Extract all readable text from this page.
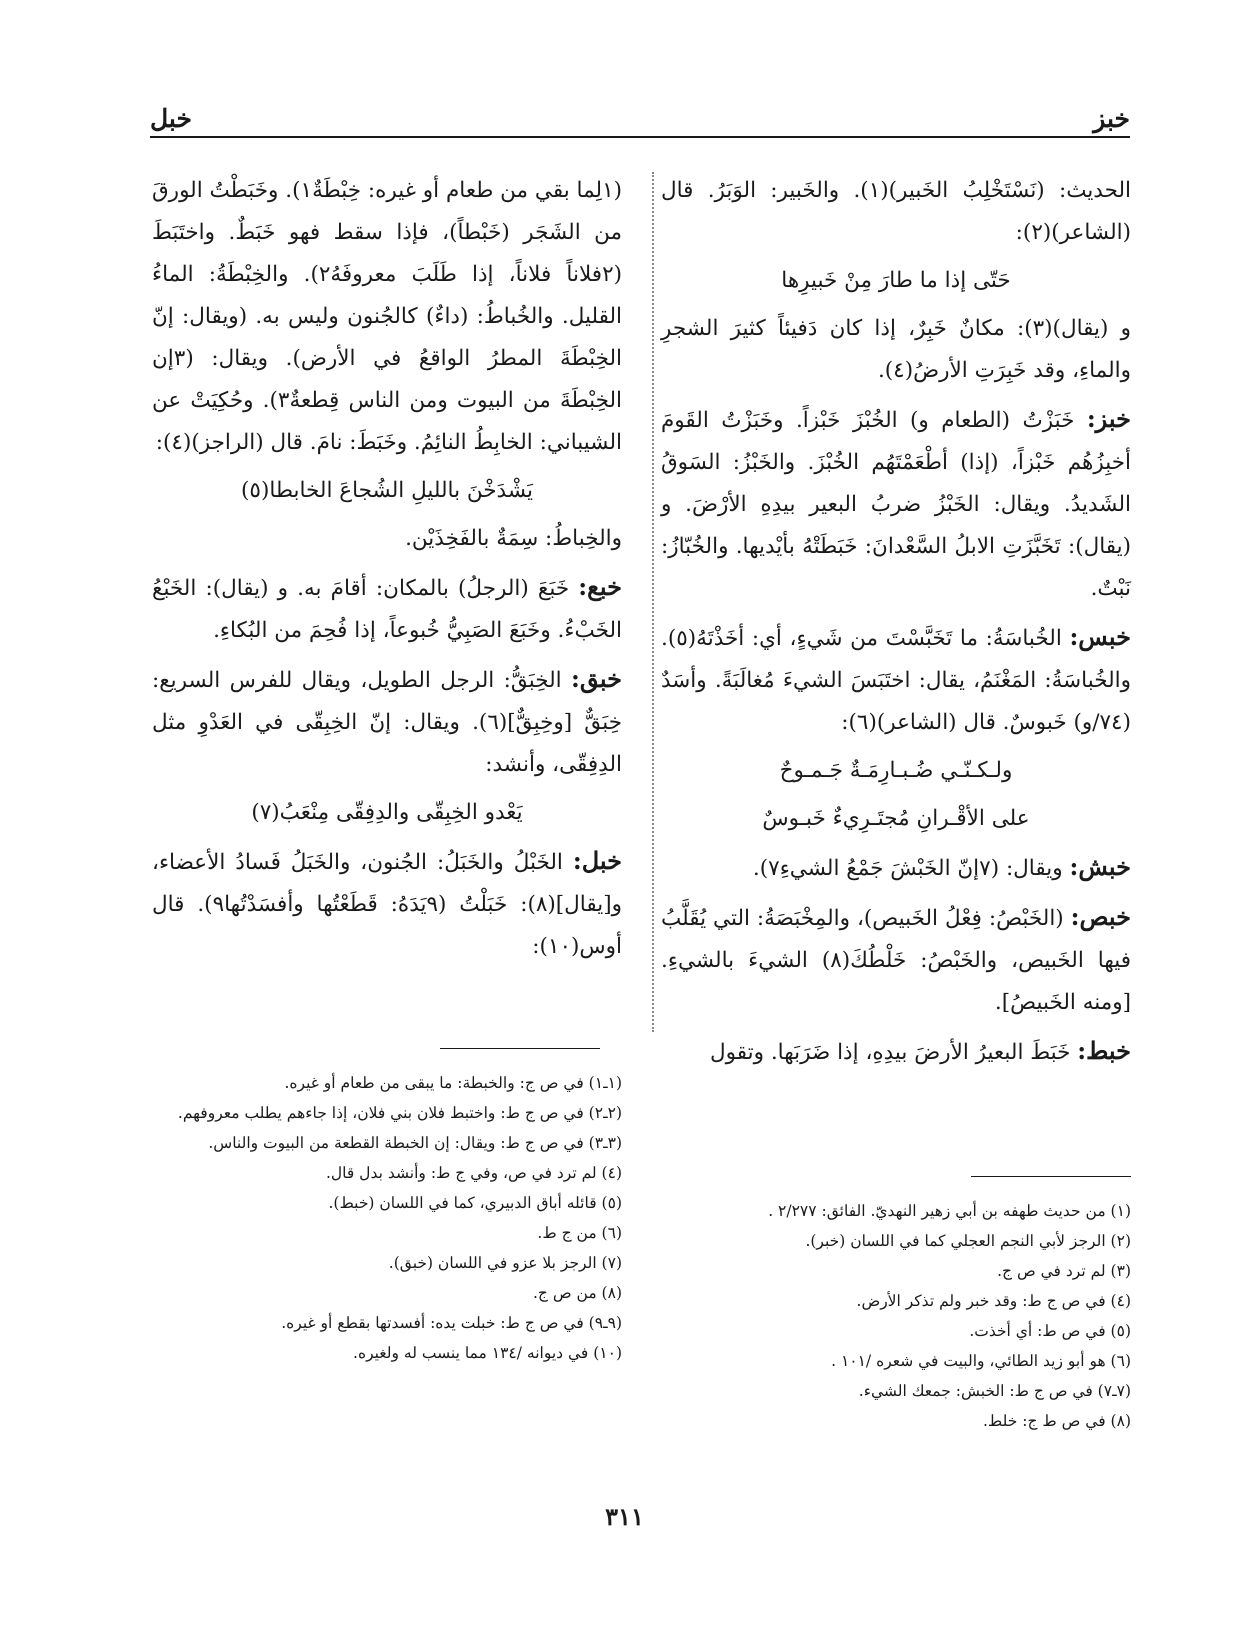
خبز
خبل

الحديث: (نَسْتَخْلِبُ الخَبير)(١). والخَبير: الوَبَرُ. قال (الشاعر)(٢):

حَتّى إذا ما طارَ مِنْ خَبيرِها

و (يقال)(٣): مكانٌ خَبِرٌ، إذا كان دَفيئاً كثيرَ الشجرِ والماءِ، وقد خَبِرَتِ الأرضُ(٤).

خبز: خَبَزْتُ (الطعام و) الخُبْزَ خَبْزاً. وخَبَزْتُ القَومَ أخبِزُهُم خَبْزاً، (إذا) أطْعَمْتَهُم الخُبْزَ. والخَبْزُ: السَوقُ الشَديدُ. ويقال: الخَبْزُ ضربُ البعير بيدِهِ الأرْضَ. و (يقال): تَخَبَّزَتِ الابلُ السَّعْدانَ: خَبَطَتْهُ بأيْديها. والخُبّازُ: نَبْتٌ.

خبس: الخُباسَةُ: ما تَخَبَّسْتَ من شَيءٍ، أي: أخَذْتَهُ(٥). والخُباسَةُ: المَغْنَمُ، يقال: اختَبَسَ الشيءَ مُغالَبَةً. وأسَدٌ (٧٤/و) خَبوسٌ. قال (الشاعر)(٦):

ولـكـنّـي ضُـبـارِمَـةٌ جَـمـوحٌ

على الأقْـرانِ مُجتَـرِيءٌ خَبـوسٌ

خبش: ويقال: (٧إنّ الخَبْشَ جَمْعُ الشيءِ٧).

خبص: (الخَبْصُ: فِعْلُ الخَبيص)، والمِخْبَصَةُ: التي يُقَلَّبُ فيها الخَبيص، والخَبْصُ: خَلْطُكَ(٨) الشيءَ بالشيءِ. [ومنه الخَبيصُ].

خبط: خَبَطَ البعيرُ الأرضَ بيدِهِ، إذا ضَرَبَها. وتقول

(١لِما بقي من طعام أو غيره: خِبْطَةٌ١). وخَبَطْتُ الورقَ من الشَجَر (خَبْطاً)، فإذا سقط فهو خَبَطٌ. واختَبَطَ (٢فلاناً فلاناً، إذا طَلَبَ معروفَهُ٢). والخِبْطَةُ: الماءُ القليل. والخُباطُ: (داءٌ) كالجُنون وليس به. (ويقال: إنّ الخِبْطَةَ المطرُ الواقعُ في الأرض). ويقال: (٣إن الخِبْطَةَ من البيوت ومن الناس قِطعةٌ٣). وحُكِيَتْ عن الشيباني: الخابِطُ النائِمُ. وخَبَطَ: نامَ. قال (الراجز)(٤):

يَشْدَخْنَ بالليلِ الشُجاعَ الخابطا(٥)

والخِباطُ: سِمَةٌ بالفَخِذَيْن.

خبع: خَبَعَ (الرجلُ) بالمكان: أقامَ به. و (يقال): الخَبْعُ الخَبْءُ. وخَبَعَ الصَبِيُّ خُبوعاً، إذا فُحِمَ من البُكاءِ.

خبق: الخِبَقُّ: الرجل الطويل، ويقال للفرس السريع: خِبَقٌّ [وخِبِقٌّ](٦). ويقال: إنّ الخِبِقّى في العَدْوِ مثل الدِفِقّى، وأنشد:

يَعْدو الخِبِقّى والدِفِقّى مِنْعَبُ(٧)

خبل: الخَبْلُ والخَبَلُ: الجُنون، والخَبَلُ فَسادُ الأعضاء، و[يقال](٨): خَبَلْتُ (٩يَدَهُ: قَطَعْتُها وأفسَدْتُها٩). قال أوس(١٠):

(١ـ١) في ص ج: والخبطة: ما يبقى من طعام أو غيره.

(٢ـ٢) في ص ج ط: واختبط فلان بني فلان، إذا جاءهم يطلب معروفهم.

(٣ـ٣) في ص ج ط: ويقال: إن الخبطة القطعة من البيوت والناس.

(٤) لم ترد في ص، وفي ج ط: وأنشد بدل قال.

(٥) قائله أباق الدبيري، كما في اللسان (خبط).

(٦) من ج ط.

(٧) الرجز بلا عزو في اللسان (خبق).

(٨) من ص ج.

(٩ـ٩) في ص ج ط: خبلت يده: أفسدتها بقطع أو غيره.

(١٠) في ديوانه /١٣٤ مما ينسب له ولغيره.

(١) من حديث طهفه بن أبي زهير النهديّ. الفائق: ٢/٢٧٧ .

(٢) الرجز لأبي النجم العجلي كما في اللسان (خبر).

(٣) لم ترد في ص ج.

(٤) في ص ج ط: وقد خبر ولم تذكر الأرض.

(٥) في ص ط: أي أخذت.

(٦) هو أبو زيد الطائي، والبيت في شعره /١٠١ .

(٧ـ٧) في ص ج ط: الخبش: جمعك الشيء.

(٨) في ص ط ج: خلط.

٣١١
